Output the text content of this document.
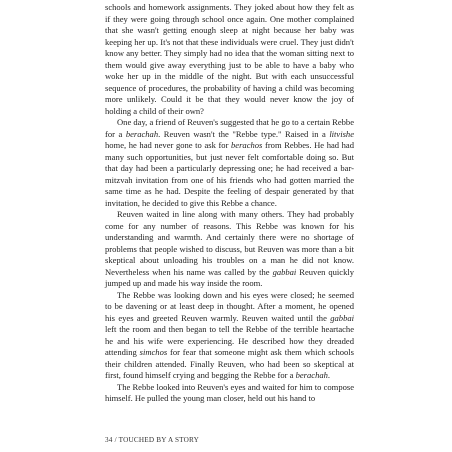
schools and homework assignments. They joked about how they felt as if they were going through school once again. One mother complained that she wasn't getting enough sleep at night because her baby was keeping her up. It's not that these individuals were cruel. They just didn't know any better. They simply had no idea that the woman sitting next to them would give away everything just to be able to have a baby who woke her up in the middle of the night. But with each unsuccessful sequence of procedures, the probability of having a child was becoming more unlikely. Could it be that they would never know the joy of holding a child of their own?

One day, a friend of Reuven's suggested that he go to a certain Rebbe for a berachah. Reuven wasn't the "Rebbe type." Raised in a litvishe home, he had never gone to ask for berachos from Rebbes. He had had many such opportunities, but just never felt comfortable doing so. But that day had been a particularly depressing one; he had received a bar-mitzvah invitation from one of his friends who had gotten married the same time as he had. Despite the feeling of despair generated by that invitation, he decided to give this Rebbe a chance.

Reuven waited in line along with many others. They had probably come for any number of reasons. This Rebbe was known for his understanding and warmth. And certainly there were no shortage of problems that people wished to discuss, but Reuven was more than a bit skeptical about unloading his troubles on a man he did not know. Nevertheless when his name was called by the gabbai Reuven quickly jumped up and made his way inside the room.

The Rebbe was looking down and his eyes were closed; he seemed to be davening or at least deep in thought. After a moment, he opened his eyes and greeted Reuven warmly. Reuven waited until the gabbai left the room and then began to tell the Rebbe of the terrible heartache he and his wife were experiencing. He described how they dreaded attending simchos for fear that someone might ask them which schools their children attended. Finally Reuven, who had been so skeptical at first, found himself crying and begging the Rebbe for a berachah.

The Rebbe looked into Reuven's eyes and waited for him to compose himself. He pulled the young man closer, held out his hand to

34 / TOUCHED BY A STORY
